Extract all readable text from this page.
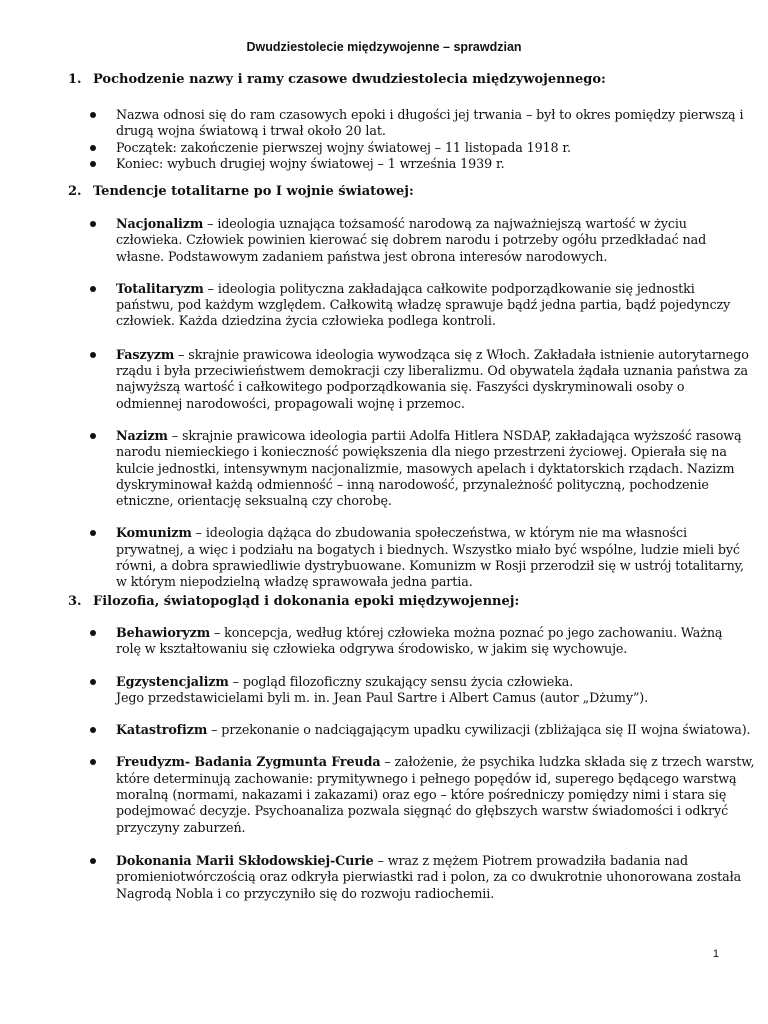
Dwudziestolecie międzywojenne – sprawdzian
1. Pochodzenie nazwy i ramy czasowe dwudziestolecia międzywojennego:
Nazwa odnosi się do ram czasowych epoki i długości jej trwania – był to okres pomiędzy pierwszą i
drugą wojna światową i trwał około 20 lat.
Początek: zakończenie pierwszej wojny światowej – 11 listopada 1918 r.
Koniec: wybuch drugiej wojny światowej – 1 września 1939 r.
2. Tendencje totalitarne po I wojnie światowej:
Nacjonalizm – ideologia uznająca tożsamość narodową za najważniejszą wartość w życiu
człowieka. Człowiek powinien kierować się dobrem narodu i potrzeby ogółu przedkładać nad
własne. Podstawowym zadaniem państwa jest obrona interesów narodowych.
Totalitaryzm – ideologia polityczna zakładająca całkowite podporządkowanie się jednostki
państwu, pod każdym względem. Całkowitą władzę sprawuje bądź jedna partia, bądź pojedynczy
człowiek. Każda dziedzina życia człowieka podlega kontroli.
Faszyzm – skrajnie prawicowa ideologia wywodząca się z Włoch. Zakładała istnienie autorytarnego
rządu i była przeciwieństwem demokracji czy liberalizmu. Od obywatela żądała uznania państwa za
najwyższą wartość i całkowitego podporządkowania się. Faszyści dyskryminowali osoby o
odmiennej narodowości, propagowali wojnę i przemoc.
Nazizm – skrajnie prawicowa ideologia partii Adolfa Hitlera NSDAP, zakładająca wyższość rasową
narodu niemieckiego i konieczność powiększenia dla niego przestrzeni życiowej. Opierała się na
kulcie jednostki, intensywnym nacjonalizmie, masowych apelach i dyktatorskich rządach. Nazizm
dyskryminował każdą odmienność – inną narodowość, przynależność polityczną, pochodzenie
etniczne, orientację seksualną czy chorobę.
Komunizm – ideologia dążąca do zbudowania społeczeństwa, w którym nie ma własności
prywatnej, a więc i podziału na bogatych i biednych. Wszystko miało być wspólne, ludzie mieli być
równi, a dobra sprawiedliwie dystrybuowane. Komunizm w Rosji przerodził się w ustrój totalitarny,
w którym niepodzielną władzę sprawowała jedna partia.
3. Filozofia, światopogląd i dokonania epoki międzywojennej:
Behawioryzm – koncepcja, według której człowieka można poznać po jego zachowaniu. Ważną
rolę w kształtowaniu się człowieka odgrywa środowisko, w jakim się wychowuje.
Egzystencjalizm – pogląd filozoficzny szukający sensu życia człowieka.
Jego przedstawicielami byli m. in. Jean Paul Sartre i Albert Camus (autor „Dżumy”).
Katastrofizm – przekonanie o nadciągającym upadku cywilizacji (zbliżająca się II wojna światowa).
Freudyzm- Badania Zygmunta Freuda – założenie, że psychika ludzka składa się z trzech warstw,
które determinują zachowanie: prymitywnego i pełnego popędów id, superego będącego warstwą
moralną (normami, nakazami i zakazami) oraz ego – które pośredniczy pomiędzy nimi i stara się
podejmować decyzje. Psychoanaliza pozwala sięgnąć do głębszych warstw świadomości i odkryć
przyczyny zaburzeń.
Dokonania Marii Skłodowskiej-Curie – wraz z mężem Piotrem prowadziła badania nad
promieniotwórczością oraz odkryła pierwiastki rad i polon, za co dwukrotnie uhonorowana została
Nagrodą Nobla i co przyczyniło się do rozwoju radiochemii.
1
